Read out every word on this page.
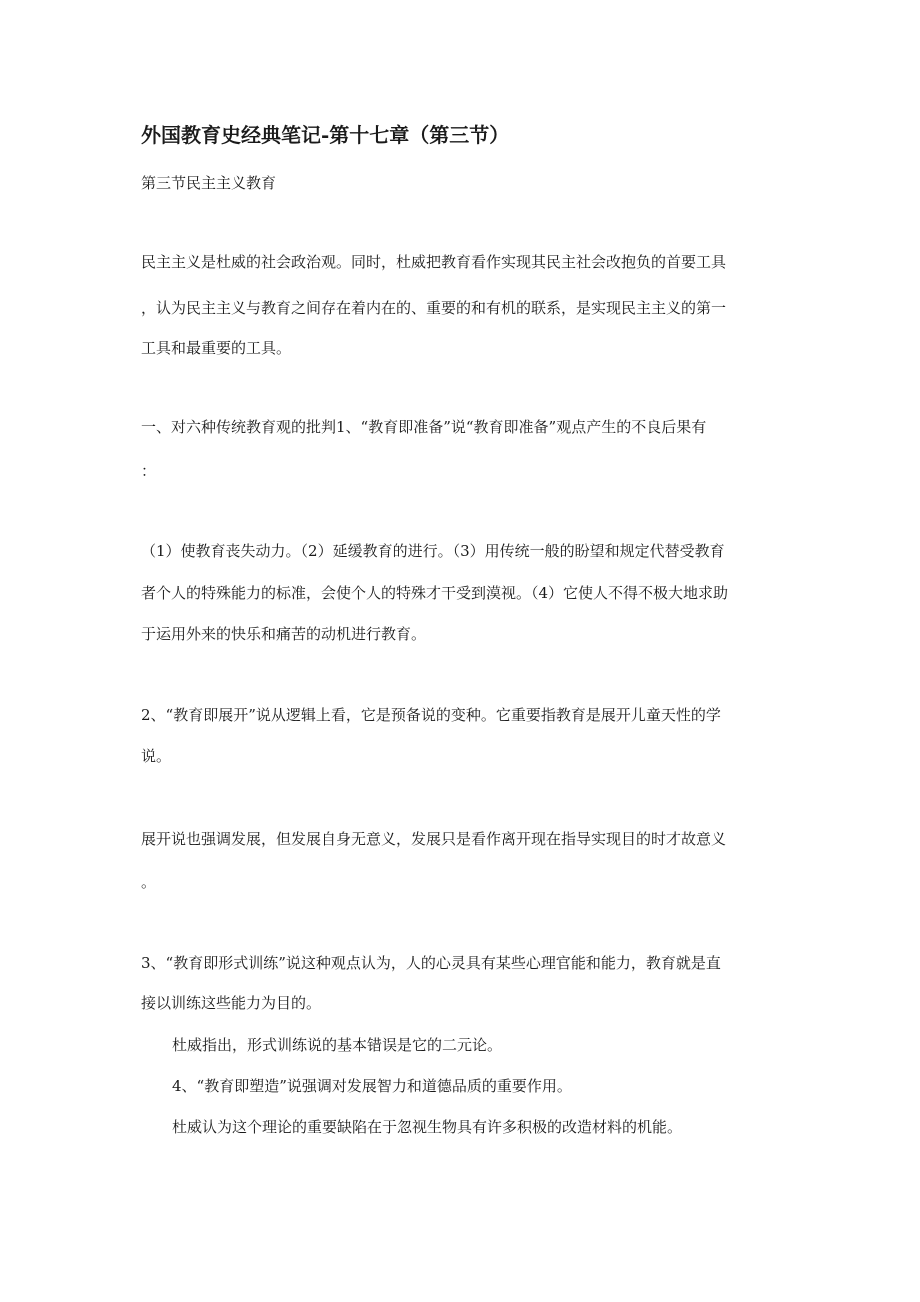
外国教育史经典笔记-第十七章（第三节）
第三节民主主义教育
民主主义是杜威的社会政治观。同时，杜威把教育看作实现其民主社会改抱负的首要工具
，认为民主主义与教育之间存在着内在的、重要的和有机的联系，是实现民主主义的第一
工具和最重要的工具。
一、对六种传统教育观的批判1、“教育即准备”说“教育即准备”观点产生的不良后果有
：
（1）使教育丧失动力。（2）延缓教育的进行。（3）用传统一般的盼望和规定代替受教育
者个人的特殊能力的标准，会使个人的特殊才干受到漠视。（4）它使人不得不极大地求助
于运用外来的快乐和痛苦的动机进行教育。
2、“教育即展开”说从逻辑上看，它是预备说的变种。它重要指教育是展开儿童天性的学
说。
展开说也强调发展，但发展自身无意义，发展只是看作离开现在指导实现目的时才故意义
。
3、“教育即形式训练”说这种观点认为，人的心灵具有某些心理官能和能力，教育就是直
接以训练这些能力为目的。
杜威指出，形式训练说的基本错误是它的二元论。
4、“教育即塑造”说强调对发展智力和道德品质的重要作用。
杜威认为这个理论的重要缺陷在于忽视生物具有许多积极的改造材料的机能。
